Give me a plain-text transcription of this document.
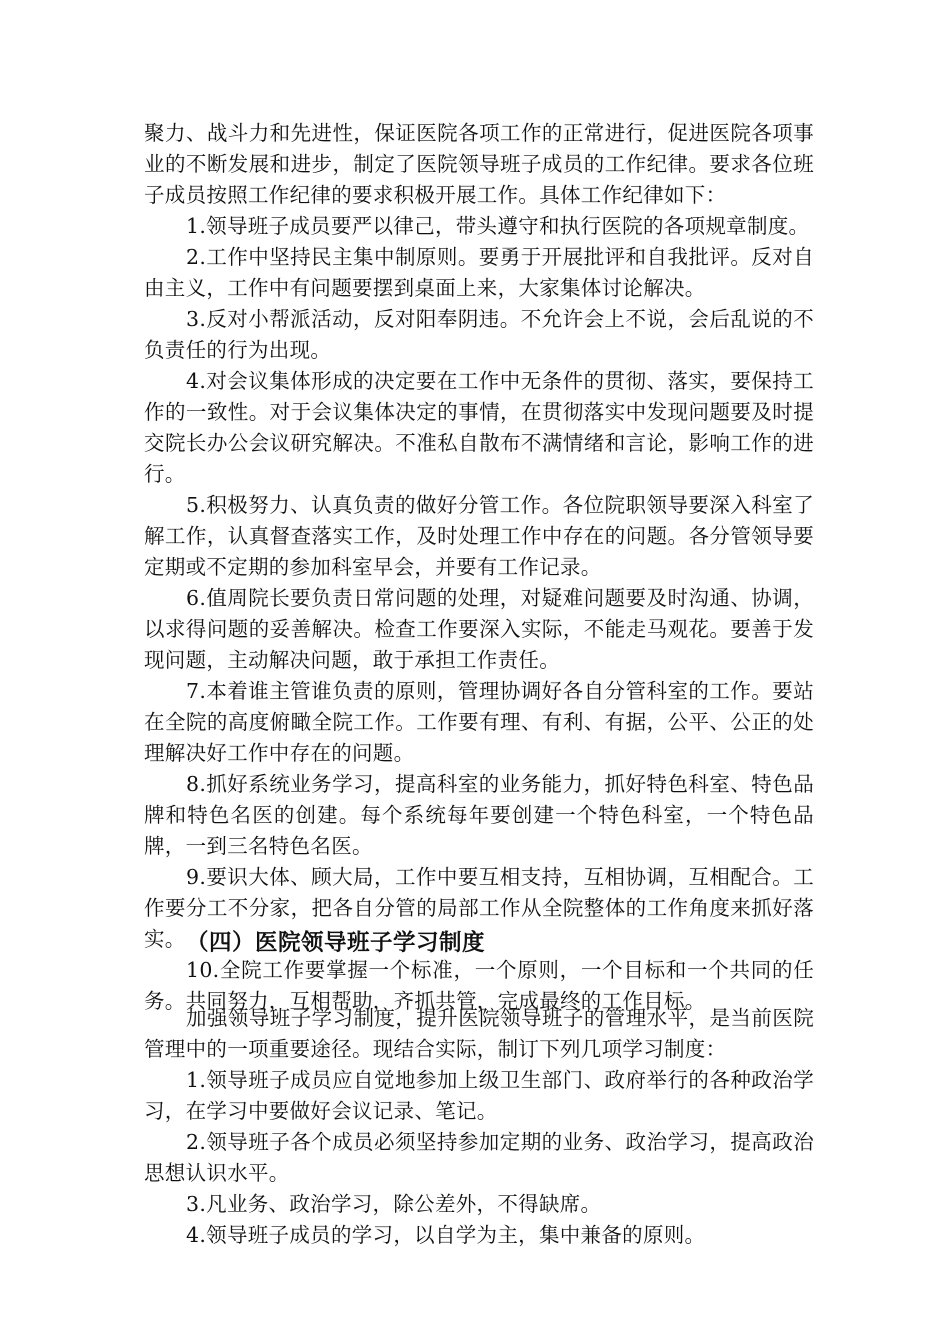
聚力、战斗力和先进性，保证医院各项工作的正常进行，促进医院各项事业的不断发展和进步，制定了医院领导班子成员的工作纪律。要求各位班子成员按照工作纪律的要求积极开展工作。具体工作纪律如下：

1.领导班子成员要严以律己，带头遵守和执行医院的各项规章制度。

2.工作中坚持民主集中制原则。要勇于开展批评和自我批评。反对自由主义，工作中有问题要摆到桌面上来，大家集体讨论解决。

3.反对小帮派活动，反对阳奉阴违。不允许会上不说，会后乱说的不负责任的行为出现。

4.对会议集体形成的决定要在工作中无条件的贯彻、落实，要保持工作的一致性。对于会议集体决定的事情，在贯彻落实中发现问题要及时提交院长办公会议研究解决。不准私自散布不满情绪和言论，影响工作的进行。

5.积极努力、认真负责的做好分管工作。各位院职领导要深入科室了解工作，认真督查落实工作，及时处理工作中存在的问题。各分管领导要定期或不定期的参加科室早会，并要有工作记录。

6.值周院长要负责日常问题的处理，对疑难问题要及时沟通、协调，以求得问题的妥善解决。检查工作要深入实际，不能走马观花。要善于发现问题，主动解决问题，敢于承担工作责任。

7.本着谁主管谁负责的原则，管理协调好各自分管科室的工作。要站在全院的高度俯瞰全院工作。工作要有理、有利、有据，公平、公正的处理解决好工作中存在的问题。

8.抓好系统业务学习，提高科室的业务能力，抓好特色科室、特色品牌和特色名医的创建。每个系统每年要创建一个特色科室，一个特色品牌，一到三名特色名医。

9.要识大体、顾大局，工作中要互相支持，互相协调，互相配合。工作要分工不分家，把各自分管的局部工作从全院整体的工作角度来抓好落实。

10.全院工作要掌握一个标准，一个原则，一个目标和一个共同的任务。共同努力，互相帮助，齐抓共管，完成最终的工作目标。

（四）医院领导班子学习制度

加强领导班子学习制度，提升医院领导班子的管理水平，是当前医院管理中的一项重要途径。现结合实际，制订下列几项学习制度：

1.领导班子成员应自觉地参加上级卫生部门、政府举行的各种政治学习，在学习中要做好会议记录、笔记。

2.领导班子各个成员必须坚持参加定期的业务、政治学习，提高政治思想认识水平。

3.凡业务、政治学习，除公差外，不得缺席。

4.领导班子成员的学习，以自学为主，集中兼备的原则。
